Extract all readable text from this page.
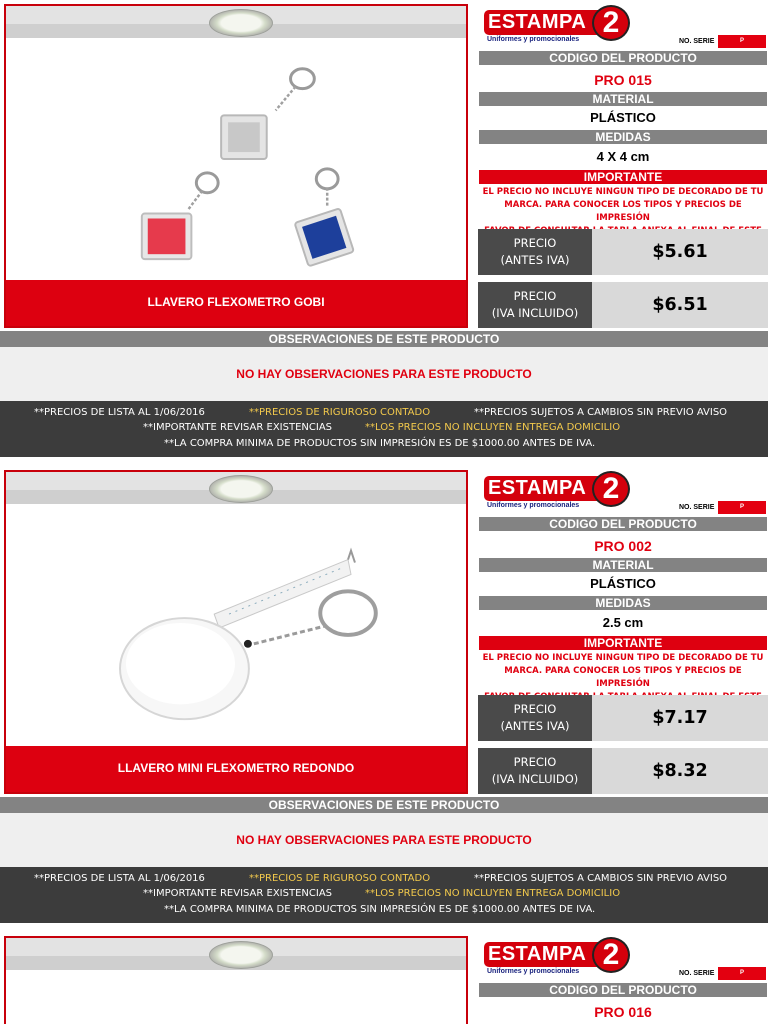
LLAVERO FLEXOMETRO GOBI
ESTAMPA 2
Uniformes y promocionales	NO. SERIE	P
CODIGO DEL PRODUCTO
PRO 015
MATERIAL
PLÁSTICO
MEDIDAS
4 X 4 cm
IMPORTANTE
EL PRECIO NO INCLUYE NINGUN TIPO DE DECORADO DE TU
MARCA. PARA CONOCER LOS TIPOS Y PRECIOS DE IMPRESIÓN
PRECIO
(ANTES IVA)	$5.61
PRECIO
(IVA INCLUIDO)	$6.51
OBSERVACIONES DE ESTE PRODUCTO
NO HAY OBSERVACIONES PARA ESTE PRODUCTO
**PRECIOS DE LISTA AL 1/06/2016	**PRECIOS DE RIGUROSO CONTADO	**PRECIOS SUJETOS A CAMBIOS SIN PREVIO AVISO
**IMPORTANTE REVISAR EXISTENCIAS	**LOS PRECIOS NO INCLUYEN ENTREGA DOMICILIO
**LA COMPRA MINIMA DE PRODUCTOS SIN IMPRESIÓN ES DE $1000.00 ANTES DE IVA.
LLAVERO MINI FLEXOMETRO REDONDO
ESTAMPA 2
Uniformes y promocionales	NO. SERIE	P
CODIGO DEL PRODUCTO
PRO 002
MATERIAL
PLÁSTICO
MEDIDAS
2.5 cm
IMPORTANTE
EL PRECIO NO INCLUYE NINGUN TIPO DE DECORADO DE TU
MARCA. PARA CONOCER LOS TIPOS Y PRECIOS DE IMPRESIÓN
PRECIO
(ANTES IVA)	$7.17
PRECIO
(IVA INCLUIDO)	$8.32
OBSERVACIONES DE ESTE PRODUCTO
NO HAY OBSERVACIONES PARA ESTE PRODUCTO
**PRECIOS DE LISTA AL 1/06/2016	**PRECIOS DE RIGUROSO CONTADO	**PRECIOS SUJETOS A CAMBIOS SIN PREVIO AVISO
**IMPORTANTE REVISAR EXISTENCIAS	**LOS PRECIOS NO INCLUYEN ENTREGA DOMICILIO
**LA COMPRA MINIMA DE PRODUCTOS SIN IMPRESIÓN ES DE $1000.00 ANTES DE IVA.
ESTAMPA 2
Uniformes y promocionales	NO. SERIE	P
CODIGO DEL PRODUCTO
PRO 016
